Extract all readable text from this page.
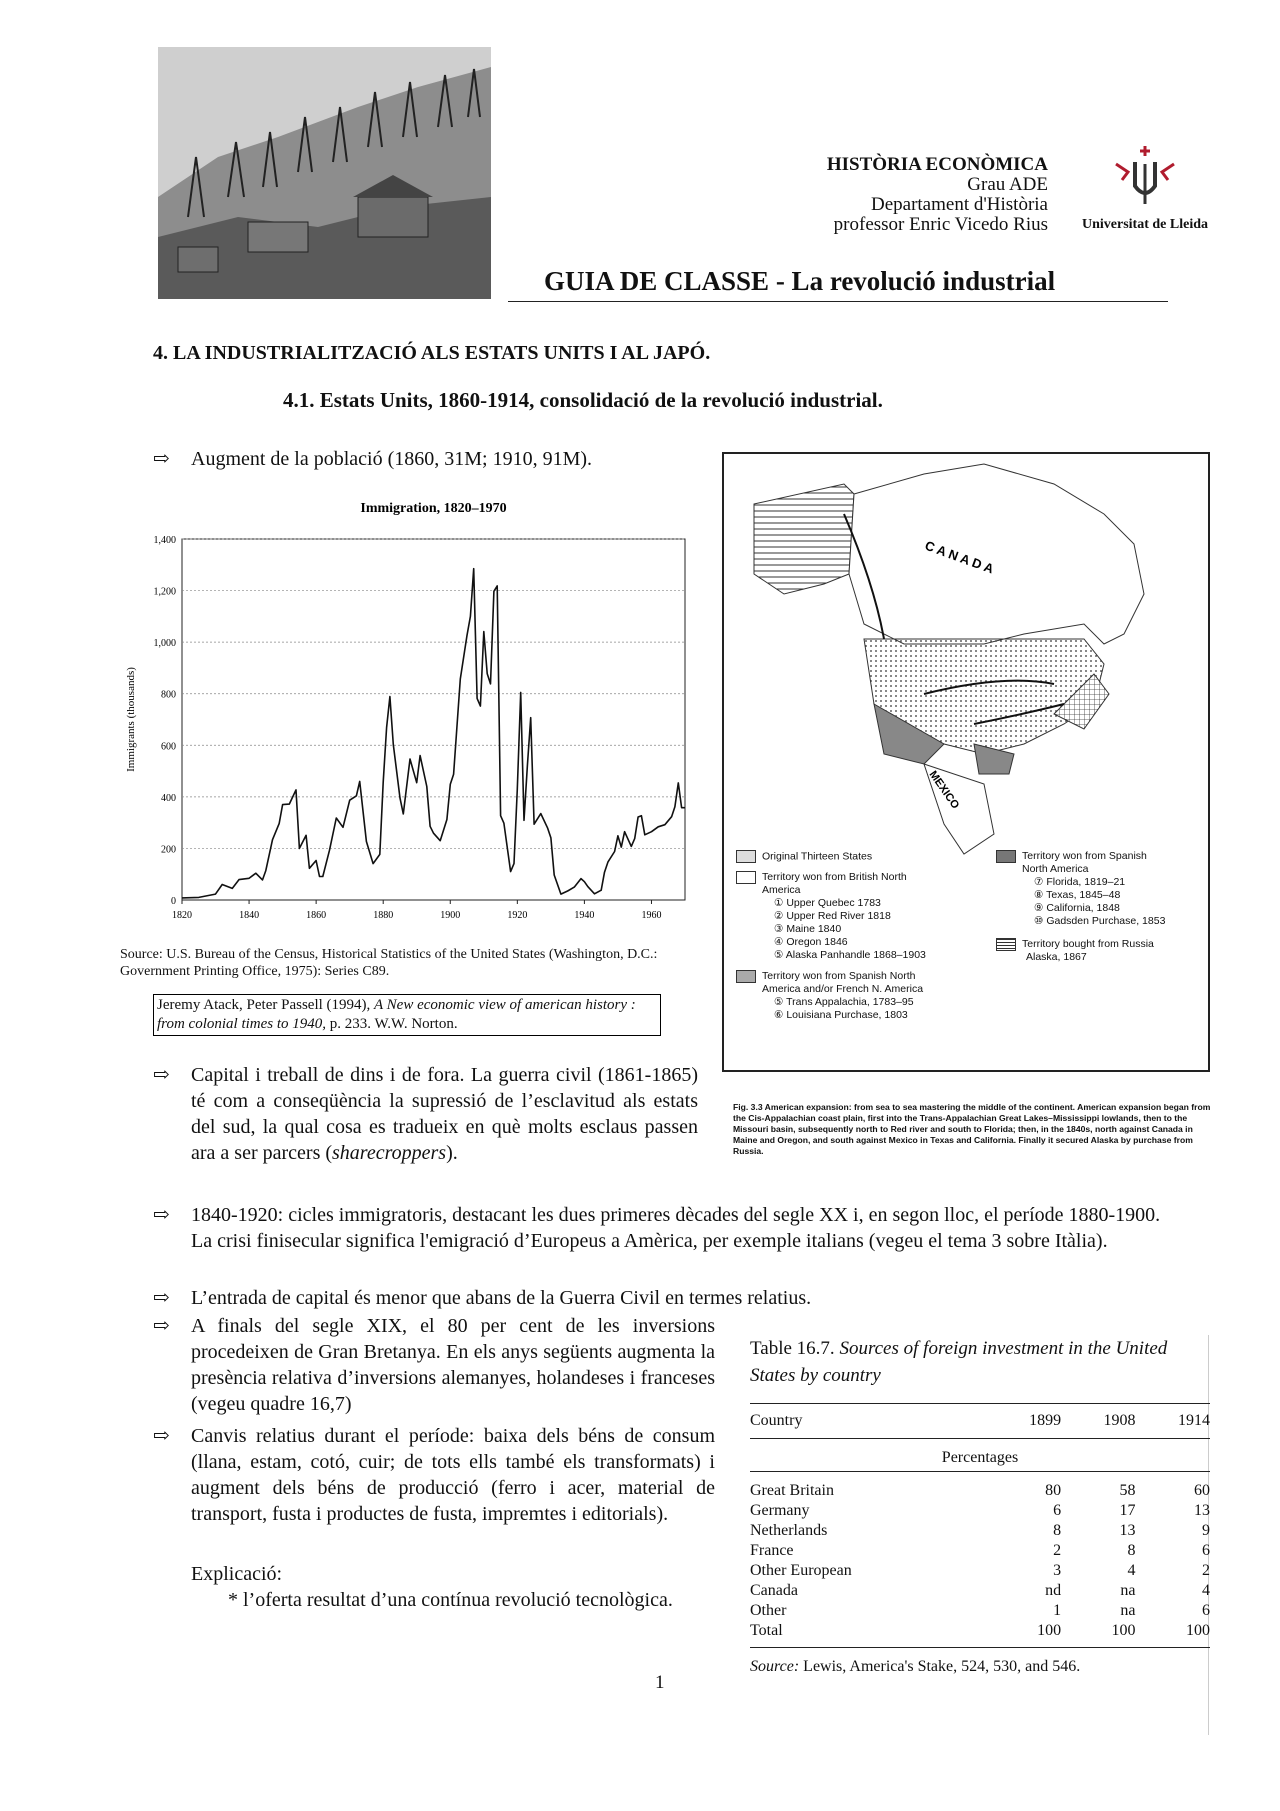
HISTÒRIA ECONÒMICA
Grau ADE
Departament d'Història
professor Enric Vicedo Rius	Universitat de Lleida
GUIA DE CLASSE - La revolució industrial
4. LA INDUSTRIALITZACIÓ ALS ESTATS UNITS I AL JAPÓ.
4.1. Estats Units, 1860-1914, consolidació de la revolució industrial.
⇨ Augment de la població (1860, 31M; 1910, 91M).
Immigration, 1820–1970
0
200
400
600
800
1,000
1,200
1,400
1820	1840	1860	1880	1900	1920	1940	1960
Immigrants (thousands)
Source: U.S. Bureau of the Census, Historical Statistics of the United States (Washington, D.C.: Government Printing Office, 1975): Series C89.
Jeremy Atack, Peter Passell (1994), A New economic view of american history : from colonial times to 1940, p. 233. W.W. Norton.
C A N A D A
MEXICO
Original Thirteen States
Territory won from British North America
① Upper Quebec 1783
② Upper Red River 1818
③ Maine 1840
④ Oregon 1846
⑤ Alaska Panhandle 1868–1903
Territory won from Spanish North America and/or French N. America
⑤ Trans Appalachia, 1783–95
⑥ Louisiana Purchase, 1803
Territory won from Spanish North America
⑦ Florida, 1819–21
⑧ Texas, 1845–48
⑨ California, 1848
⑩ Gadsden Purchase, 1853
Territory bought from Russia
Alaska, 1867
Fig. 3.3 American expansion: from sea to sea mastering the middle of the continent. American expansion began from the Cis-Appalachian coast plain, first into the Trans-Appalachian Great Lakes–Mississippi lowlands, then to the Missouri basin, subsequently north to Red river and south to Florida; then, in the 1840s, north against Canada in Maine and Oregon, and south against Mexico in Texas and California. Finally it secured Alaska by purchase from Russia.
⇨ Capital i treball de dins i de fora. La guerra civil (1861-1865) té com a conseqüència la supressió de l’esclavitud als estats del sud, la qual cosa es tradueix en què molts esclaus passen ara a ser parcers (sharecroppers).
⇨ 1840-1920: cicles immigratoris, destacant les dues primeres dècades del segle XX i, en segon lloc, el període 1880-1900. La crisi finisecular significa l'emigració d’Europeus a Amèrica, per exemple italians (vegeu el tema 3 sobre Itàlia).
⇨ L’entrada de capital és menor que abans de la Guerra Civil en termes relatius.
⇨ A finals del segle XIX, el 80 per cent de les inversions procedeixen de Gran Bretanya. En els anys següents augmenta la presència relativa d’inversions alemanyes, holandeses i franceses (vegeu quadre 16,7)
⇨ Canvis relatius durant el període: baixa dels béns de consum (llana, estam, cotó, cuir; de tots ells també els transformats) i augment dels béns de producció (ferro i acer, material de transport, fusta i productes de fusta, impremtes i editorials).
Explicació:
* l’oferta resultat d’una contínua revolució tecnològica.
Table 16.7. Sources of foreign investment in the United States by country
Country	1899	1908	1914
Percentages			
Great Britain	80	58	60
Germany	6	17	13
Netherlands	8	13	9
France	2	8	6
Other European	3	4	2
Canada	nd	na	4
Other	1	na	6
Total	100	100	100
Source: Lewis, America's Stake, 524, 530, and 546.
1
